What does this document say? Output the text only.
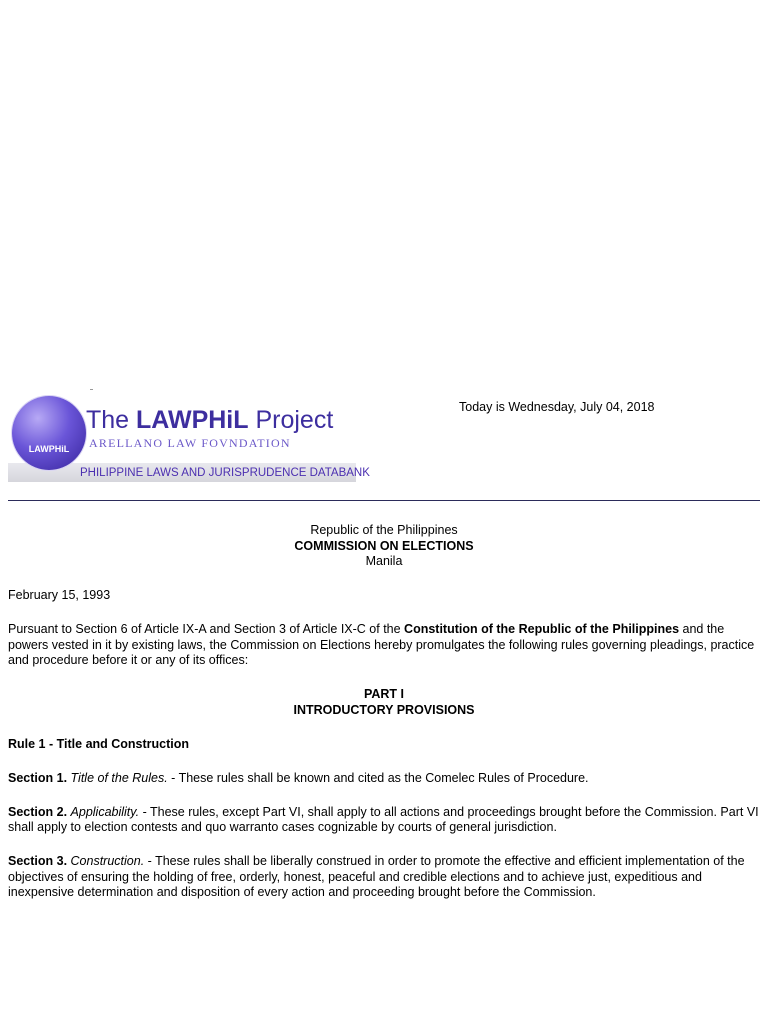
LAWPHiL
The LAWPHiL Project
ARELLANO LAW FOVNDATION
PHILIPPINE LAWS AND JURISPRUDENCE DATABANK
Today is Wednesday, July 04, 2018
Republic of the Philippines
COMMISSION ON ELECTIONS
Manila

February 15, 1993

Pursuant to Section 6 of Article IX-A and Section 3 of Article IX-C of the Constitution of the Republic of the Philippines and the powers vested in it by existing laws, the Commission on Elections hereby promulgates the following rules governing pleadings, practice and procedure before it or any of its offices:

PART I
INTRODUCTORY PROVISIONS

Rule 1 - Title and Construction

Section 1. Title of the Rules. - These rules shall be known and cited as the Comelec Rules of Procedure.

Section 2. Applicability. - These rules, except Part VI, shall apply to all actions and proceedings brought before the Commission. Part VI shall apply to election contests and quo warranto cases cognizable by courts of general jurisdiction.

Section 3. Construction. - These rules shall be liberally construed in order to promote the effective and efficient implementation of the objectives of ensuring the holding of free, orderly, honest, peaceful and credible elections and to achieve just, expeditious and inexpensive determination and disposition of every action and proceeding brought before the Commission.
